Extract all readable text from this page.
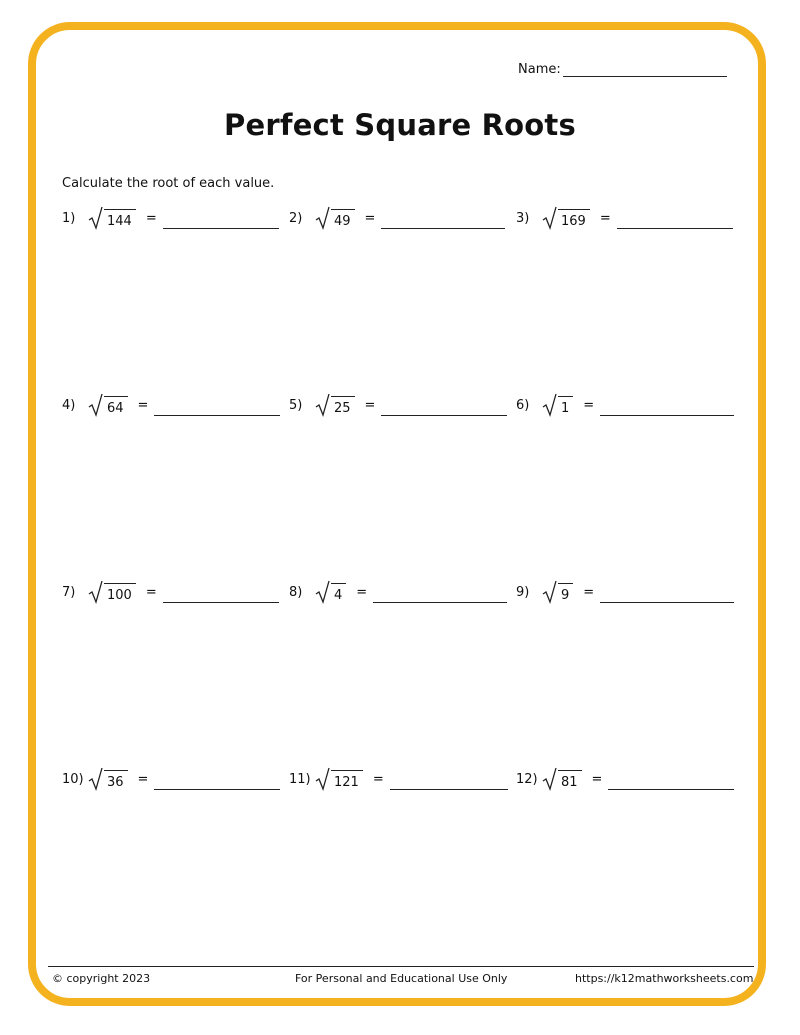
Name:
Perfect Square Roots
Calculate the root of each value.
1)	144	=	2)	49	=	3)	169	=
4)	64	=	5)	25	=	6)	1	=
7)	100	=	8)	4	=	9)	9	=
10)	36	=	11)	121	=	12)	81	=
© copyright 2023	For Personal and Educational Use Only	https://k12mathworksheets.com
